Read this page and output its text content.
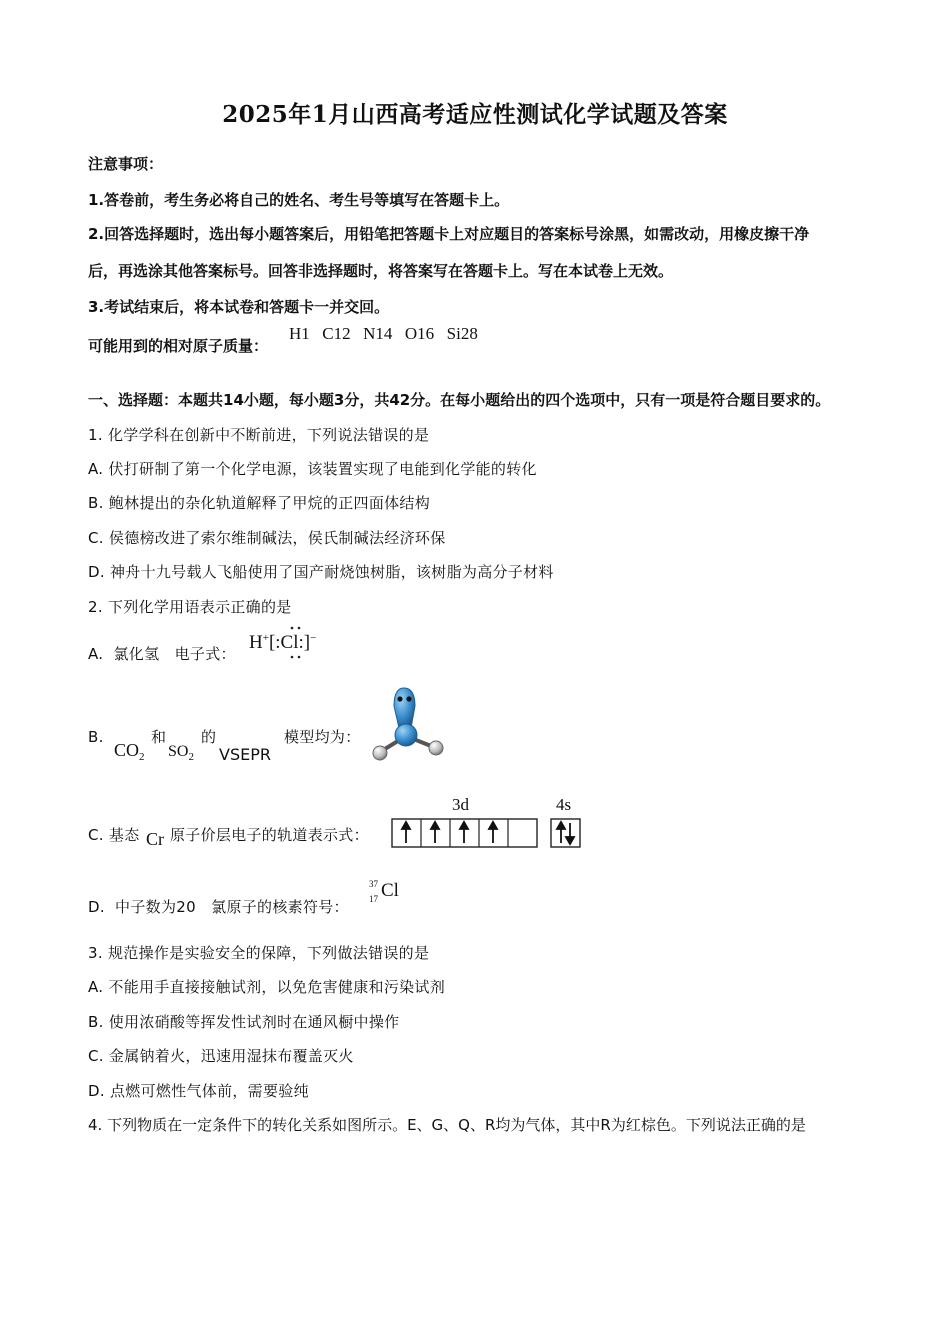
2025年1月山西高考适应性测试化学试题及答案
注意事项：
1.答卷前，考生务必将自己的姓名、考生号等填写在答题卡上。
2.回答选择题时，选出每小题答案后，用铅笔把答题卡上对应题目的答案标号涂黑，如需改动，用橡皮擦干净
后，再选涂其他答案标号。回答非选择题时，将答案写在答题卡上。写在本试卷上无效。
3.考试结束后，将本试卷和答题卡一并交回。
可能用到的相对原子质量：
H1  C12  N14  O16  Si28
一、选择题：本题共14小题，每小题3分，共42分。在每小题给出的四个选项中，只有一项是符合题目要求的。
1. 化学学科在创新中不断前进，下列说法错误的是
A. 伏打研制了第一个化学电源，该装置实现了电能到化学能的转化
B. 鲍林提出的杂化轨道解释了甲烷的正四面体结构
C. 侯德榜改进了索尔维制碱法，侯氏制碱法经济环保
D. 神舟十九号载人飞船使用了国产耐烧蚀树脂，该树脂为高分子材料
2. 下列化学用语表示正确的是
A.  氯化氢   电子式：
H+[:Cl:]−
B.	和 的
$CO_2$ $SO_2$ VSEPR
模型均为：
C. 基态 Cr 原子价层电子的轨道表示式：
3d	4s
D.  中子数为20   氯原子的核素符号：
37
17 Cl
3. 规范操作是实验安全的保障，下列做法错误的是
A. 不能用手直接接触试剂，以免危害健康和污染试剂
B. 使用浓硝酸等挥发性试剂时在通风橱中操作
C. 金属钠着火，迅速用湿抹布覆盖灭火
D. 点燃可燃性气体前，需要验纯
4. 下列物质在一定条件下的转化关系如图所示。E、G、Q、R均为气体，其中R为红棕色。下列说法正确的是
